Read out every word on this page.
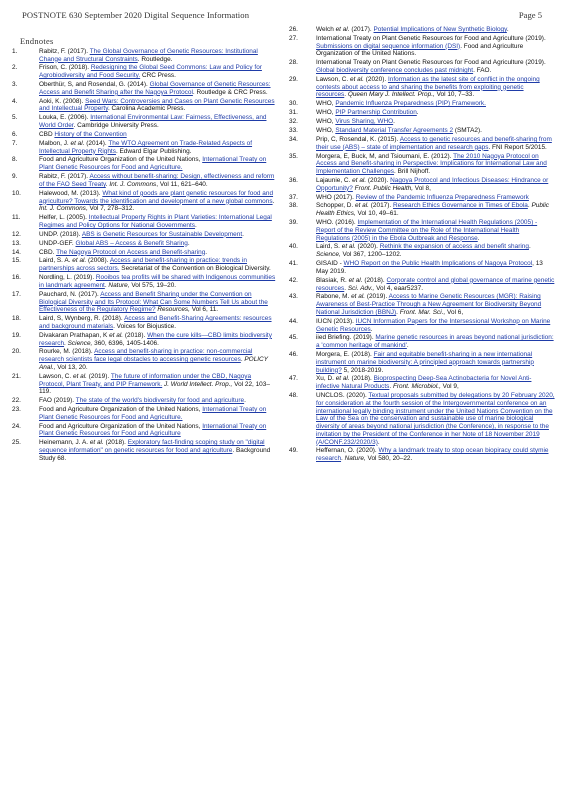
POSTNOTE 630 September 2020 Digital Sequence Information	Page 5
Endnotes
1.	Rabitz, F. (2017). The Global Governance of Genetic Resources: Institutional Change and Structural Constraints. Routledge.
2.	Frison, C. (2018). Redesigning the Global Seed Commons: Law and Policy for Agrobiodiversity and Food Security. CRC Press.
3.	Oberthür, S, and Rosendal, G. (2014). Global Governance of Genetic Resources: Access and Benefit Sharing after the Nagoya Protocol. Routledge & CRC Press.
4.	Aoki, K. (2008). Seed Wars: Controversies and Cases on Plant Genetic Resources and Intellectual Property. Carolina Academic Press.
5.	Louka, E. (2006). International Environmental Law: Fairness, Effectiveness, and World Order. Cambridge University Press.
6.	CBD History of the Convention
7.	Malbon, J. et al. (2014). The WTO Agreement on Trade-Related Aspects of Intellectual Property Rights. Edward Elgar Publishing.
8.	Food and Agriculture Organization of the United Nations, International Treaty on Plant Genetic Resources for Food and Agriculture.
9.	Rabitz, F. (2017). Access without benefit-sharing: Design, effectiveness and reform of the FAO Seed Treaty. Int. J. Commons, Vol 11, 621–640.
10.	Halewood, M. (2013). What kind of goods are plant genetic resources for food and agriculture? Towards the identification and development of a new global commons. Int. J. Commons, Vol 7, 278–312.
11.	Helfer, L. (2005). Intellectual Property Rights in Plant Varieties: International Legal Regimes and Policy Options for National Governments.
12.	UNDP. (2018). ABS is Genetic Resources for Sustainable Development.
13.	UNDP-GEF. Global ABS – Access & Benefit Sharing.
14.	CBD. The Nagoya Protocol on Access and Benefit-sharing.
15.	Laird, S. A. et al. (2008). Access and benefit-sharing in practice: trends in partnerships across sectors. Secretariat of the Convention on Biological Diversity.
16.	Nordling, L. (2019). Rooibos tea profits will be shared with Indigenous communities in landmark agreement. Nature, Vol 575, 19–20.
17.	Pauchard, N. (2017). Access and Benefit Sharing under the Convention on Biological Diversity and Its Protocol: What Can Some Numbers Tell Us about the Effectiveness of the Regulatory Regime? Resources, Vol 6, 11.
18.	Laird, S, Wynberg, R. (2018). Access and Benefit-Sharing Agreements: resources and background materials. Voices for Biojustice.
19.	Divakaran Prathapan, K et al. (2018). When the cure kills—CBD limits biodiversity research. Science, 360, 6396, 1405-1406.
20.	Rourke, M. (2018). Access and benefit-sharing in practice: non-commercial research scientists face legal obstacles to accessing genetic resources. POLICY Anal., Vol 13, 20.
21.	Lawson, C. et al. (2019). The future of information under the CBD, Nagoya Protocol, Plant Treaty, and PIP Framework. J. World Intellect. Prop., Vol 22, 103–119.
22.	FAO (2019). The state of the world's biodiversity for food and agriculture.
23.	Food and Agriculture Organization of the United Nations, International Treaty on Plant Genetic Resources for Food and Agriculture.
24.	Food and Agriculture Organization of the United Nations, International Treaty on Plant Genetic Resources for Food and Agriculture
25.	Heinemann, J. A. et al. (2018). Exploratory fact-finding scoping study on "digital sequence information" on genetic resources for food and agriculture. Background Study 68.
26.	Welch et al. (2017). Potential Implications of New Synthetic Biology.
27.	International Treaty on Plant Genetic Resources for Food and Agriculture (2019). Submissions on digital sequence information (DSI). Food and Agriculture Organization of the United Nations.
28.	International Treaty on Plant Genetic Resources for Food and Agriculture (2019). Global biodiversity conference concludes past midnight. FAO.
29.	Lawson, C. et al. (2020). Information as the latest site of conflict in the ongoing contests about access to and sharing the benefits from exploiting genetic resources. Queen Mary J. Intellect. Prop., Vol 10, 7–33.
30.	WHO, Pandemic Influenza Preparedness (PIP) Framework.
31.	WHO, PIP Partnership Contribution.
32.	WHO, Virus Sharing, WHO.
33.	WHO, Standard Material Transfer Agreements 2 (SMTA2).
34.	Prip, C, Rosendal, K. (2015). Access to genetic resources and benefit-sharing from their use (ABS) – state of implementation and research gaps. FNI Report 5/2015.
35.	Morgera, E, Buck, M, and Tsioumani, E. (2012). The 2010 Nagoya Protocol on Access and Benefit-sharing in Perspective: Implications for International Law and Implementation Challenges. Brill Nijhoff.
36.	Lajaunie, C. et al. (2020). Nagoya Protocol and Infectious Diseases: Hindrance or Opportunity? Front. Public Health, Vol 8,
37.	WHO (2017). Review of the Pandemic Influenza Preparedness Framework
38.	Schopper, D. et al. (2017). Research Ethics Governance in Times of Ebola. Public Health Ethics, Vol 10, 49–61.
39.	WHO. (2016). Implementation of the International Health Regulations (2005) - Report of the Review Committee on the Role of the International Health Regulations (2005) in the Ebola Outbreak and Response.
40.	Laird, S. et al. (2020). Rethink the expansion of access and benefit sharing. Science, Vol 367, 1200–1202.
41.	GISAID - WHO Report on the Public Health Implications of Nagoya Protocol, 13 May 2019.
42.	Blasiak, R. et al. (2018). Corporate control and global governance of marine genetic resources. Sci. Adv., Vol 4, eaar5237.
43.	Rabone, M. et al. (2019). Access to Marine Genetic Resources (MGR): Raising Awareness of Best-Practice Through a New Agreement for Biodiversity Beyond National Jurisdiction (BBNJ). Front. Mar. Sci., Vol 6,
44.	IUCN (2013). IUCN Information Papers for the Intersessional Workshop on Marine Genetic Resources.
45.	iied Briefing. (2019). Marine genetic resources in areas beyond national jurisdiction: a 'common heritage of mankind'.
46.	Morgera, E. (2018). Fair and equitable benefit-sharing in a new international instrument on marine biodiversity: A principled approach towards partnership building? 5, 2018-2019.
47.	Xu, D. et al. (2018). Bioprospecting Deep-Sea Actinobacteria for Novel Anti-infective Natural Products. Front. Microbiol., Vol 9,
48.	UNCLOS. (2020). Textual proposals submitted by delegations by 20 February 2020, for consideration at the fourth session of the Intergovernmental conference on an international legally binding instrument under the United Nations Convention on the Law of the Sea on the conservation and sustainable use of marine biological diversity of areas beyond national jurisdiction (the Conference), in response to the invitation by the President of the Conference in her Note of 18 November 2019 (A/CONF.232/2020/3).
49.	Heffernan, O. (2020). Why a landmark treaty to stop ocean biopiracy could stymie research. Nature, Vol 580, 20–22.
